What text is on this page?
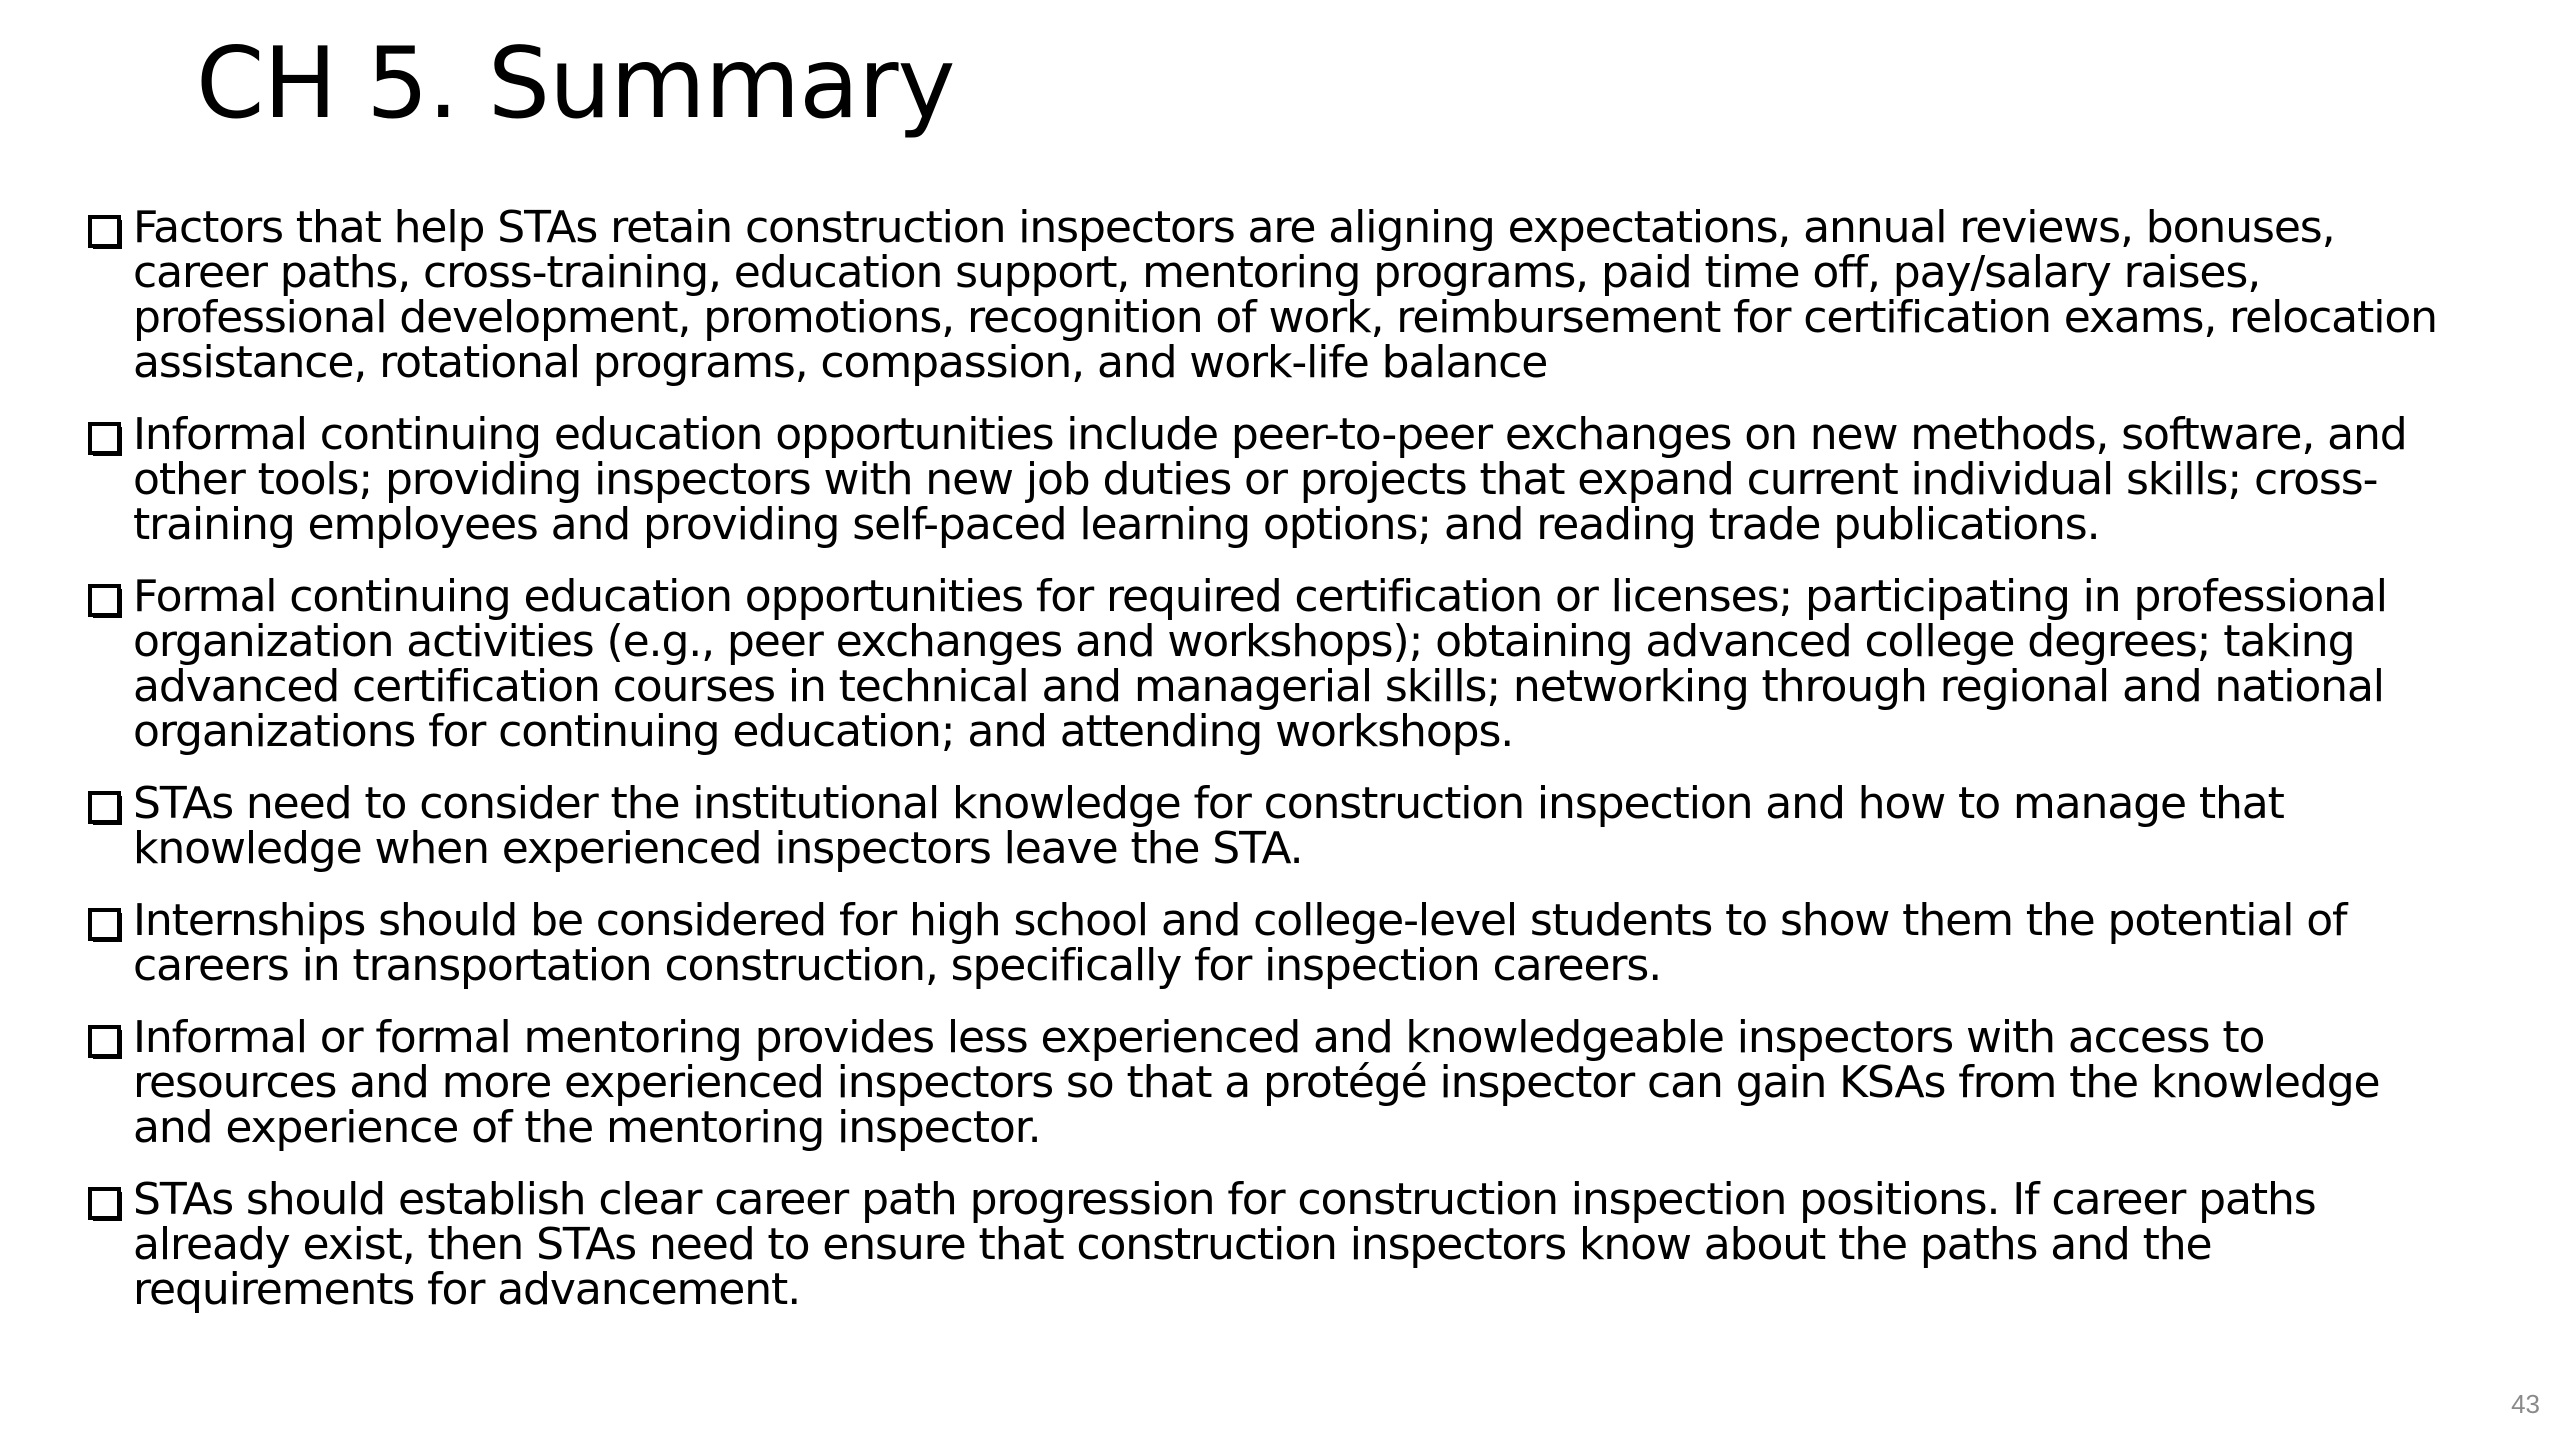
CH 5. Summary
Factors that help STAs retain construction inspectors are aligning expectations, annual reviews, bonuses, career paths, cross-training, education support, mentoring programs, paid time off, pay/salary raises, professional development, promotions, recognition of work, reimbursement for certification exams, relocation assistance, rotational programs, compassion, and work-life balance
Informal continuing education opportunities include peer-to-peer exchanges on new methods, software, and other tools; providing inspectors with new job duties or projects that expand current individual skills; cross-training employees and providing self-paced learning options; and reading trade publications.
Formal continuing education opportunities for required certification or licenses; participating in professional organization activities (e.g., peer exchanges and workshops); obtaining advanced college degrees; taking advanced certification courses in technical and managerial skills; networking through regional and national organizations for continuing education; and attending workshops.
STAs need to consider the institutional knowledge for construction inspection and how to manage that knowledge when experienced inspectors leave the STA.
Internships should be considered for high school and college-level students to show them the potential of careers in transportation construction, specifically for inspection careers.
Informal or formal mentoring provides less experienced and knowledgeable inspectors with access to resources and more experienced inspectors so that a protégé inspector can gain KSAs from the knowledge and experience of the mentoring inspector.
STAs should establish clear career path progression for construction inspection positions. If career paths already exist, then STAs need to ensure that construction inspectors know about the paths and the requirements for advancement.
43
